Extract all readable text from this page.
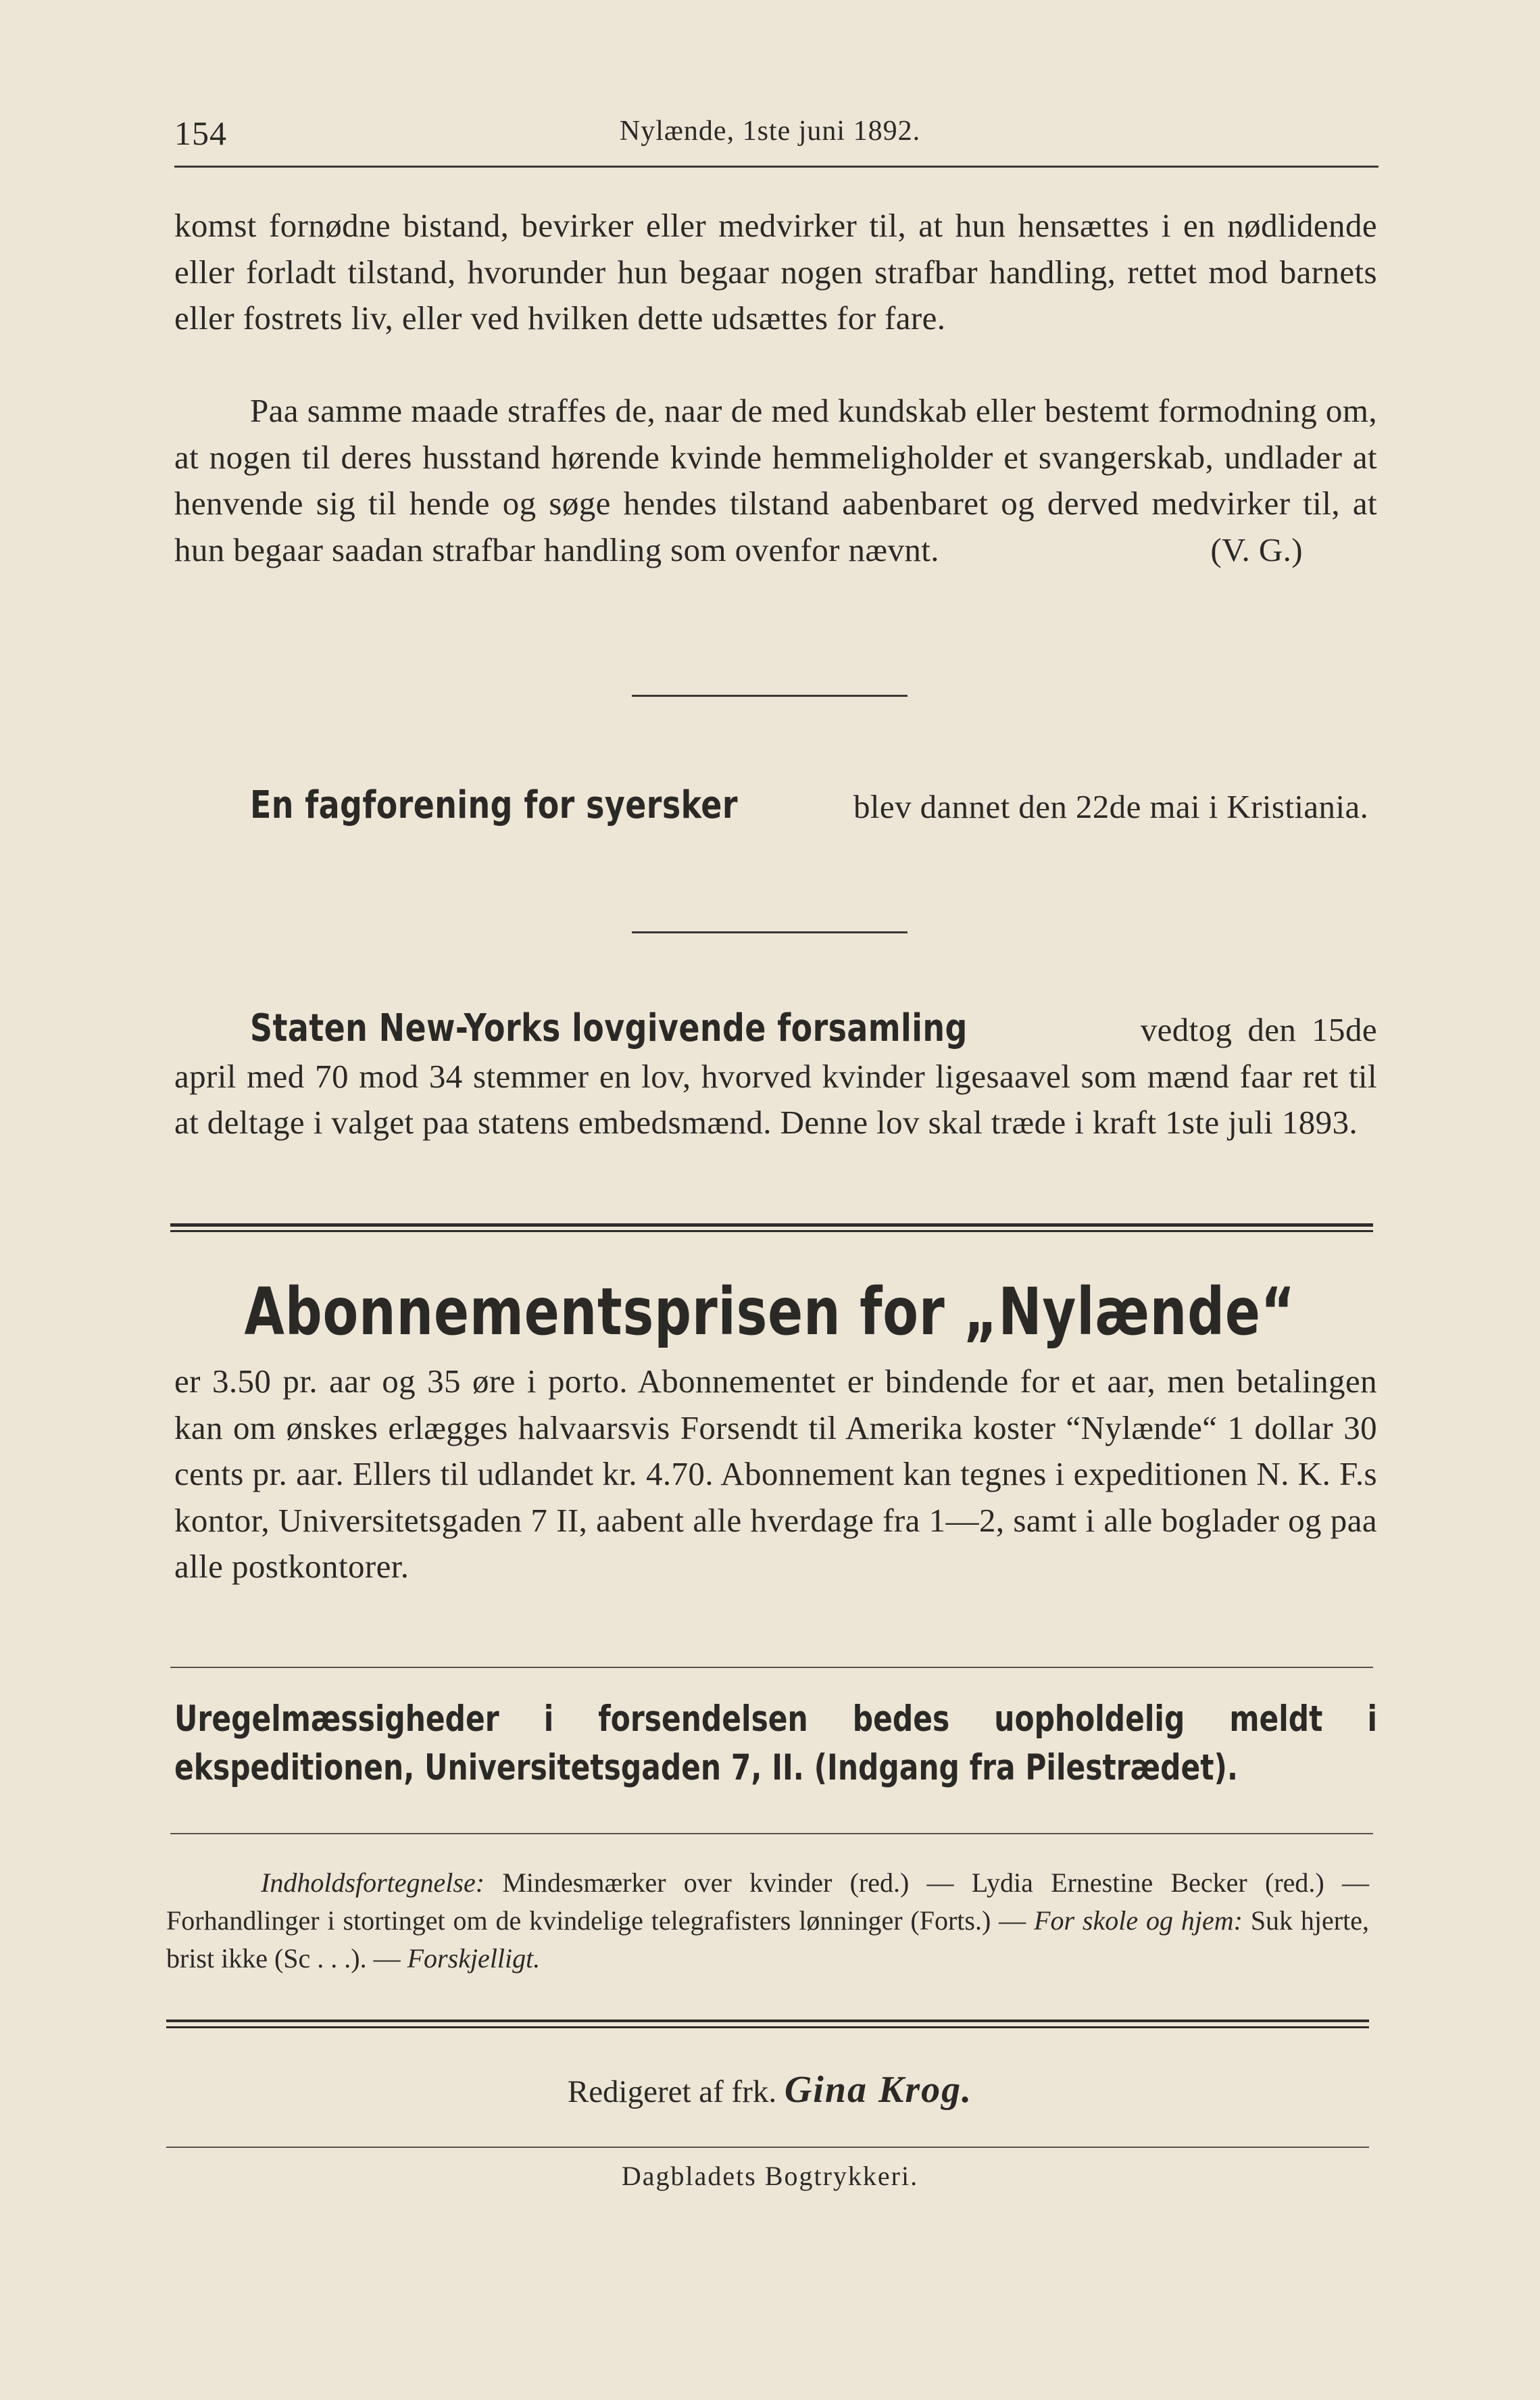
154	Nylænde, 1ste juni 1892.
komst fornødne bistand, bevirker eller medvirker til, at hun hensættes i en nødlidende eller forladt tilstand, hvorunder hun begaar nogen strafbar handling, rettet mod barnets eller fostrets liv, eller ved hvilken dette udsættes for fare.
Paa samme maade straffes de, naar de med kundskab eller bestemt formodning om, at nogen til deres husstand hørende kvinde hemmeligholder et svangerskab, undlader at henvende sig til hende og søge hendes tilstand aabenbaret og derved medvirker til, at hun begaar saadan strafbar handling som ovenfor nævnt.	(V. G.)
En fagforening for syersker	blev dannet den 22de mai i Kristiania.
Staten New-Yorks lovgivende forsamling	vedtog den 15de april med 70 mod 34 stemmer en lov, hvorved kvinder ligesaavel som mænd faar ret til at deltage i valget paa statens embedsmænd. Denne lov skal træde i kraft 1ste juli 1893.
Abonnementsprisen for „Nylænde“
er 3.50 pr. aar og 35 øre i porto. Abonnementet er bindende for et aar, men betalingen kan om ønskes erlægges halvaarsvis Forsendt til Amerika koster “Nylænde“ 1 dollar 30 cents pr. aar. Ellers til udlandet kr. 4.70. Abonnement kan tegnes i expeditionen N. K. F.s kontor, Universitetsgaden 7 II, aabent alle hverdage fra 1—2, samt i alle boglader og paa alle postkontorer.
Uregelmæssigheder i forsendelsen bedes uopholdelig meldt i ekspeditionen, Universitetsgaden 7, II. (Indgang fra Pilestrædet).
Indholdsfortegnelse: Mindesmærker over kvinder (red.) — Lydia Ernestine Becker (red.) — Forhandlinger i stortinget om de kvindelige telegrafisters lønninger (Forts.) — For skole og hjem: Suk hjerte, brist ikke (Sc . . .). — Forskjelligt.
Redigeret af frk. Gina Krog.
Dagbladets Bogtrykkeri.
